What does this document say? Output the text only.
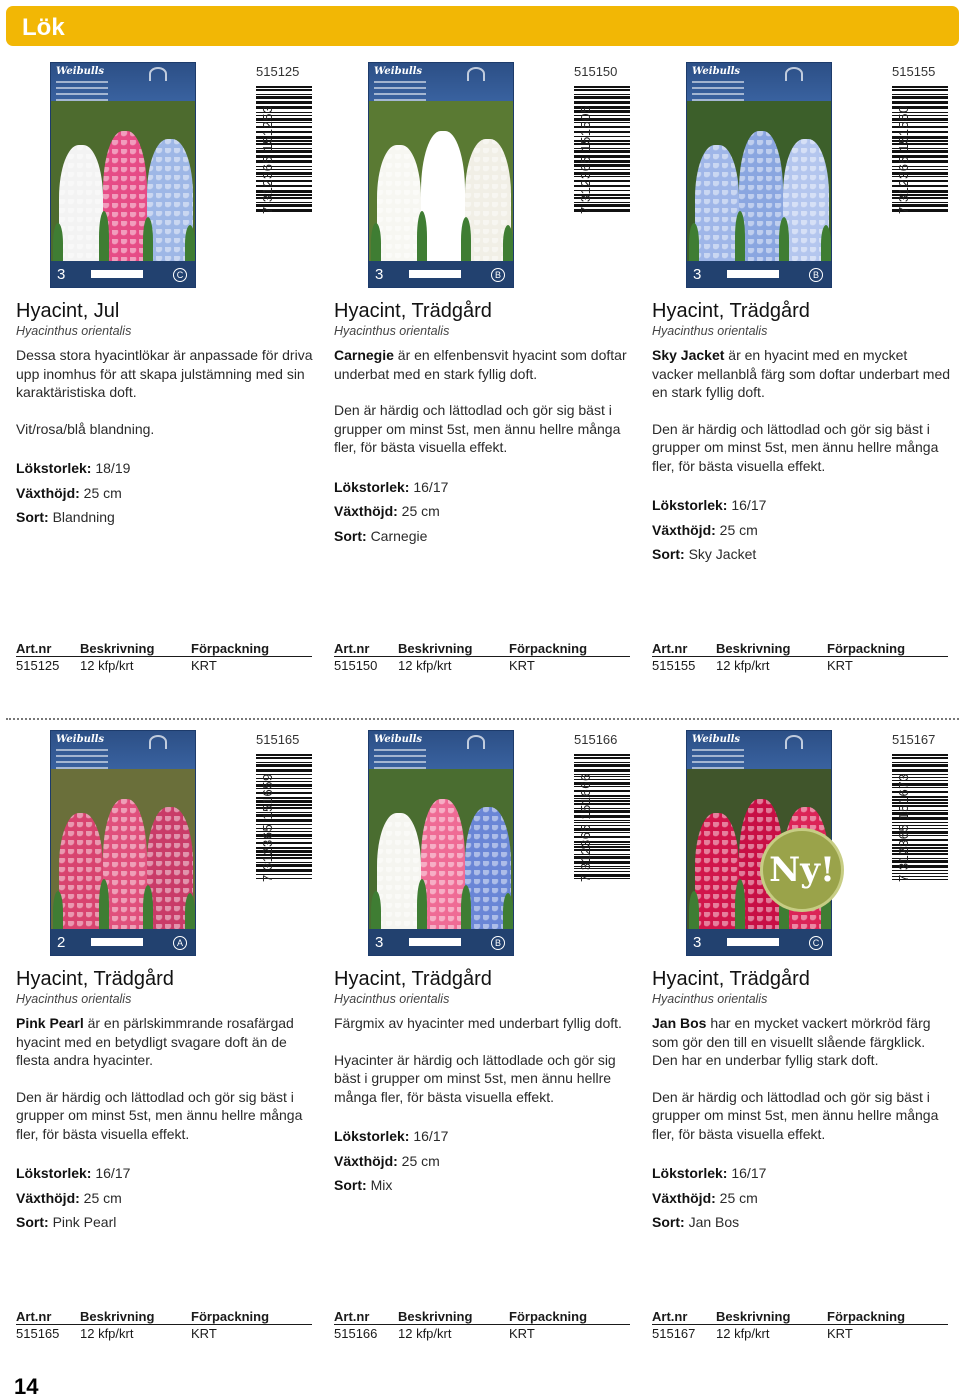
Lök
Weibulls
3	C
515125
7 312365 151253
Hyacint, Jul
Hyacinthus orientalis

Dessa stora hyacintlökar är anpassade för driva upp inomhus för att skapa julstämning med sin karaktäristiska doft.

Vit/rosa/blå blandning.

Lökstorlek: 18/19
Växthöjd: 25 cm
Sort: Blandning
Art.nr Beskrivning	Förpackning
515125 12 kfp/krt	KRT
Weibulls
3	B
515150
7 312365 151505
Hyacint, Trädgård
Hyacinthus orientalis

Carnegie är en elfenbensvit hyacint som doftar underbat med en stark fyllig doft.

Den är härdig och lättodlad och gör sig bäst i grupper om minst 5st, men ännu hellre många fler, för bästa visuella effekt.

Lökstorlek: 16/17
Växthöjd: 25 cm
Sort: Carnegie
Art.nr Beskrivning	Förpackning
515150 12 kfp/krt	KRT
Weibulls
3	B
515155
7 312365 151550
Hyacint, Trädgård
Hyacinthus orientalis

Sky Jacket är en hyacint med en mycket vacker mellanblå färg som doftar underbart med en stark fyllig doft.

Den är härdig och lättodlad och gör sig bäst i grupper om minst 5st, men ännu hellre många fler, för bästa visuella effekt.

Lökstorlek: 16/17
Växthöjd: 25 cm
Sort: Sky Jacket
Art.nr Beskrivning	Förpackning
515155 12 kfp/krt	KRT
Weibulls
2	A
515165
7 312365 151659
Hyacint, Trädgård
Hyacinthus orientalis

Pink Pearl är en pärlskimmrande rosafärgad hyacint med en betydligt svagare doft än de flesta andra hyacinter.

Den är härdig och lättodlad och gör sig bäst i grupper om minst 5st, men ännu hellre många fler, för bästa visuella effekt.

Lökstorlek: 16/17
Växthöjd: 25 cm
Sort: Pink Pearl
Art.nr Beskrivning	Förpackning
515165 12 kfp/krt	KRT
Weibulls
3	B
515166
7 312365 151666
Hyacint, Trädgård
Hyacinthus orientalis

Färgmix av hyacinter med underbart fyllig doft.

Hyacinter är härdig och lättodlade och gör sig bäst i grupper om minst 5st, men ännu hellre många fler, för bästa visuella effekt.

Lökstorlek: 16/17
Växthöjd: 25 cm
Sort: Mix
Art.nr Beskrivning	Förpackning
515166 12 kfp/krt	KRT
Weibulls
3	C
Ny!
515167
7 312365 151673
Hyacint, Trädgård
Hyacinthus orientalis

Jan Bos har en mycket vackert mörkröd färg som gör den till en visuellt slående färgklick. Den har en underbar fyllig stark doft.

Den är härdig och lättodlad och gör sig bäst i grupper om minst 5st, men ännu hellre många fler, för bästa visuella effekt.

Lökstorlek: 16/17
Växthöjd: 25 cm
Sort: Jan Bos
Art.nr Beskrivning	Förpackning
515167 12 kfp/krt	KRT
14
